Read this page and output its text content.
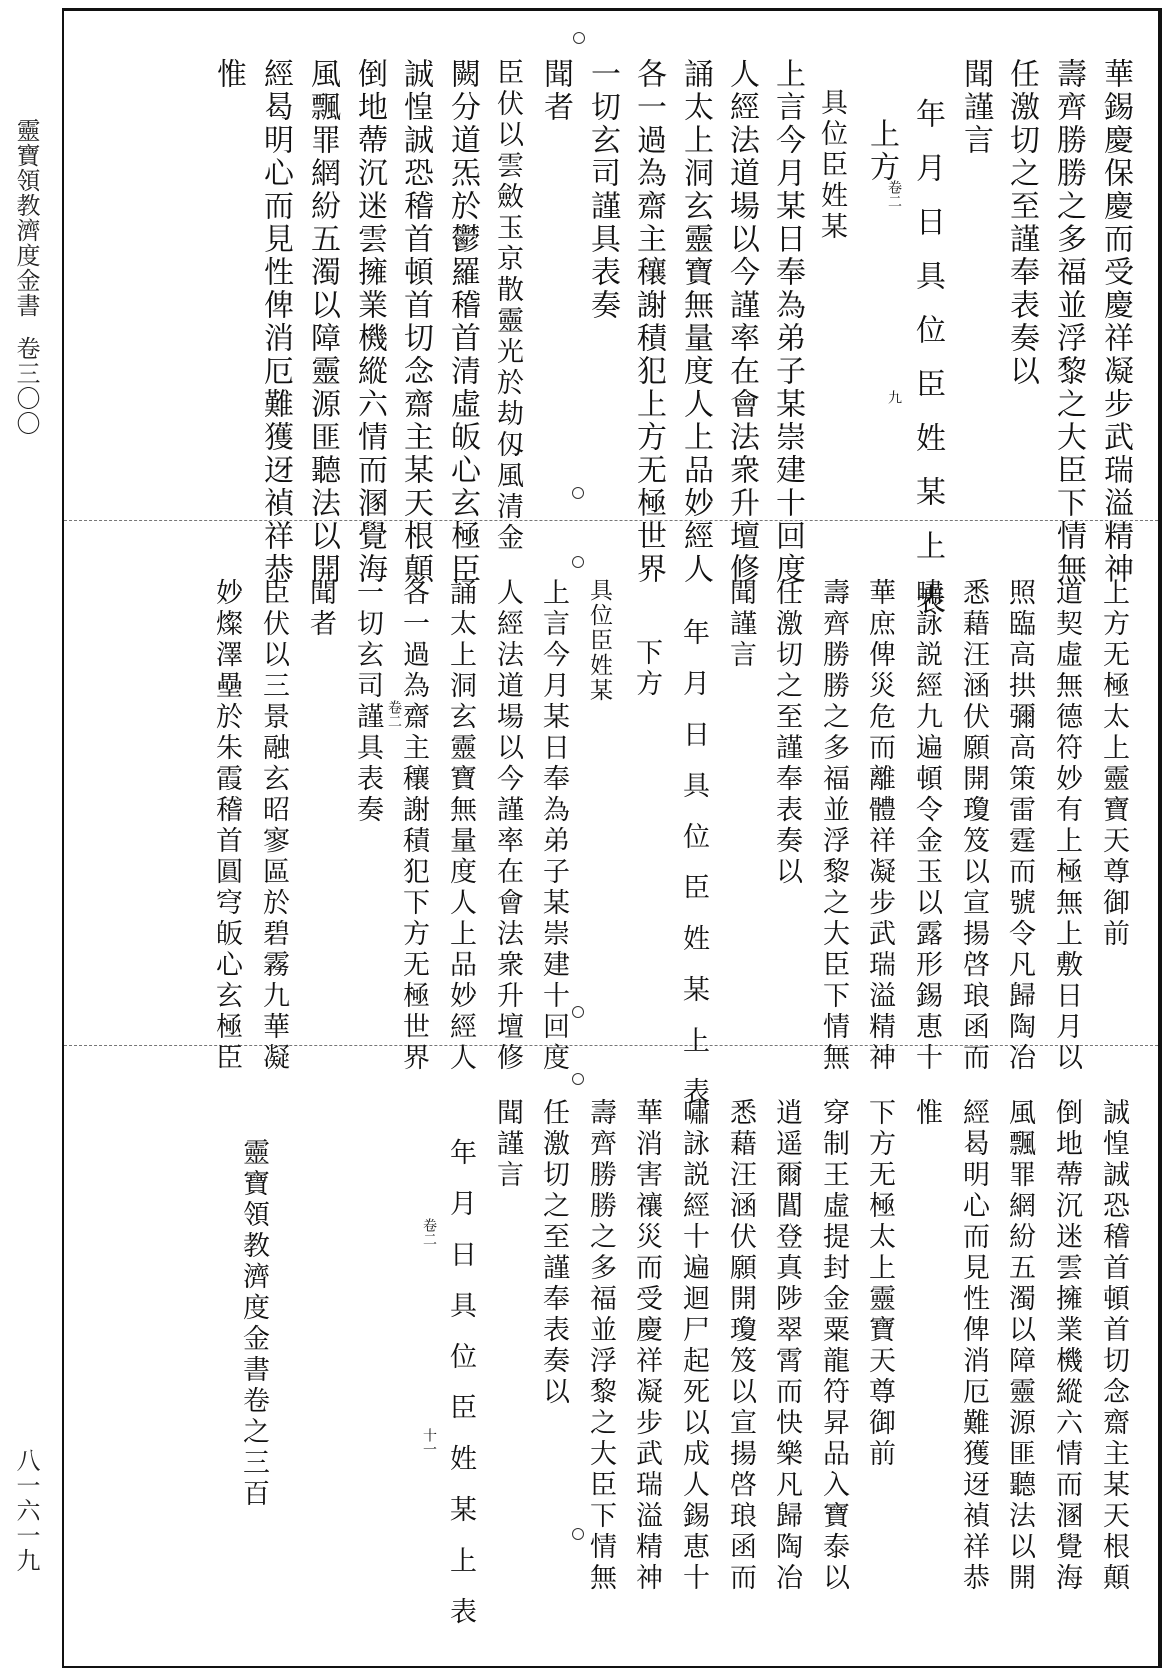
靈寶領教濟度金書卷三〇〇
八一六一九
華錫慶保慶而受慶祥凝步武瑞溢精神
壽齊勝勝之多福並浮黎之大臣下情無
任激切之至謹奉表奏以
聞謹言
年月日具位臣姓某上表
卷二
九
上方
具位臣姓某
上言今月某日奉為弟子某崇建十回度
人經法道場以今謹率在會法衆升壇修
誦太上洞玄靈寶無量度人上品妙經人
各一過為齋主穰謝積犯上方无極世界
一切玄司謹具表奏
聞者
臣伏以雲斂玉京散靈光於劫仭風清金
闕分道炁於鬱羅稽首清虛皈心玄極臣
誠惶誠恐稽首頓首切念齋主某天根顛
倒地蔕沉迷雲擁業機縱六情而溷覺海
風飄罪網紛五濁以障靈源匪聽法以開
經曷明心而見性俾消厄難獲迓禎祥恭
惟
上方无極太上靈寶天尊御前
道契虛無德符妙有上極無上敷日月以
照臨高拱彌高策雷霆而號令凡歸陶冶
悉藉汪涵伏願開瓊笈以宣揚啓琅函而
嘯詠説經九遍頓令金玉以露形錫恵十
華庶俾災危而離體祥凝步武瑞溢精神
壽齊勝勝之多福並浮黎之大臣下情無
任激切之至謹奉表奏以
聞謹言
年月日具位臣姓某上表
卷二
下方
具位臣姓某
上言今月某日奉為弟子某崇建十回度
人經法道場以今謹率在會法衆升壇修
誦太上洞玄靈寶無量度人上品妙經人
各一過為齋主穰謝積犯下方无極世界
一切玄司謹具表奏
聞者
臣伏以三景融玄昭寥區於碧霧九華凝
妙燦澤壘於朱霞稽首圓穹皈心玄極臣
誠惶誠恐稽首頓首切念齋主某天根顛
倒地蔕沉迷雲擁業機縱六情而溷覺海
風飄罪網紛五濁以障靈源匪聽法以開
經曷明心而見性俾消厄難獲迓禎祥恭
惟
下方无極太上靈寶天尊御前
穿制王虛提封金粟龍符昇品入寶泰以
逍遥爾閶登真陟翠霄而快樂凡歸陶冶
悉藉汪涵伏願開瓊笈以宣揚啓琅函而
嘯詠説經十遍迴尸起死以成人錫恵十
華消害禳災而受慶祥凝步武瑞溢精神
壽齊勝勝之多福並浮黎之大臣下情無
任激切之至謹奉表奏以
聞謹言
年月日具位臣姓某上表
卷二
十一
靈寶領教濟度金書卷之三百
